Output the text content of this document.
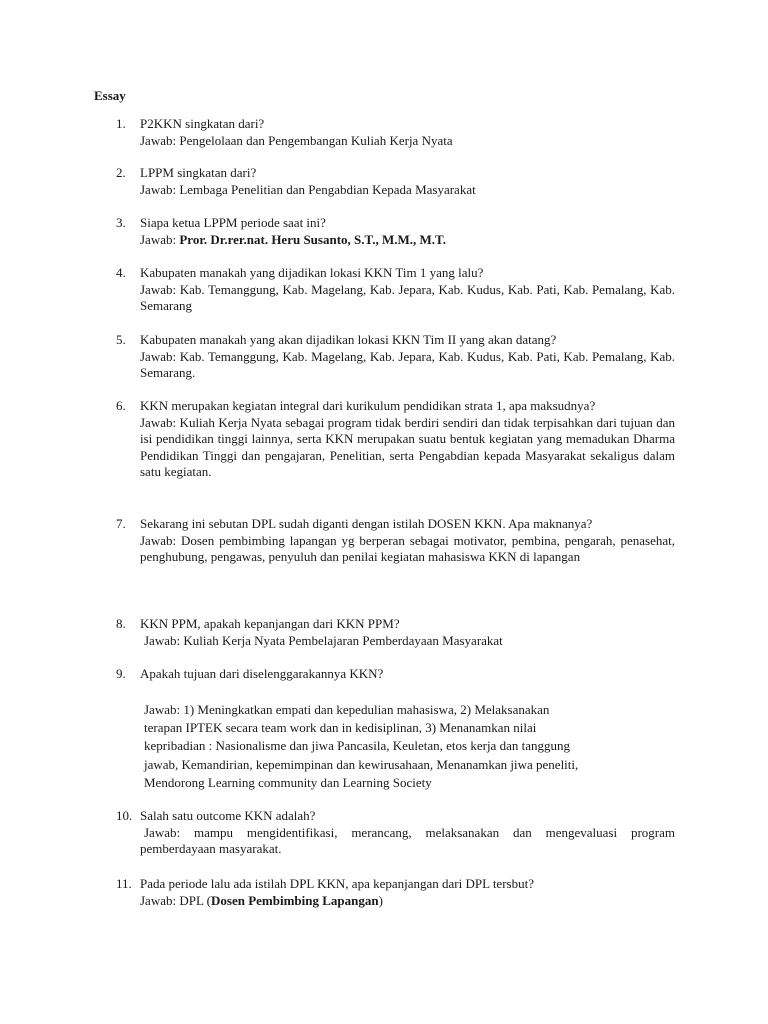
Essay
1.	P2KKN singkatan dari?
Jawab: Pengelolaan dan Pengembangan Kuliah Kerja Nyata
2.	LPPM singkatan dari?
Jawab: Lembaga Penelitian dan Pengabdian Kepada Masyarakat
3.	Siapa ketua LPPM periode saat ini?
Jawab: Pror. Dr.rer.nat. Heru Susanto, S.T., M.M., M.T.
4.	Kabupaten manakah yang dijadikan lokasi KKN Tim 1 yang lalu?
Jawab: Kab. Temanggung, Kab. Magelang, Kab. Jepara, Kab. Kudus, Kab. Pati, Kab. Pemalang, Kab. Semarang
5.	Kabupaten manakah yang akan dijadikan lokasi KKN Tim II yang akan datang?
Jawab: Kab. Temanggung, Kab. Magelang, Kab. Jepara, Kab. Kudus, Kab. Pati, Kab. Pemalang, Kab. Semarang.
6.	KKN merupakan kegiatan integral dari kurikulum pendidikan strata 1, apa maksudnya?
Jawab: Kuliah Kerja Nyata sebagai program tidak berdiri sendiri dan tidak terpisahkan dari tujuan dan isi pendidikan tinggi lainnya, serta KKN merupakan suatu bentuk kegiatan yang memadukan Dharma Pendidikan Tinggi dan pengajaran, Penelitian, serta Pengabdian kepada Masyarakat sekaligus dalam satu kegiatan.
7.	Sekarang ini sebutan DPL sudah diganti dengan istilah DOSEN KKN. Apa maknanya?
Jawab: Dosen pembimbing lapangan yg berperan sebagai motivator, pembina, pengarah, penasehat, penghubung, pengawas, penyuluh dan penilai kegiatan mahasiswa KKN di lapangan
8.	KKN PPM, apakah kepanjangan dari KKN PPM?
Jawab: Kuliah Kerja Nyata Pembelajaran Pemberdayaan Masyarakat
9.	Apakah tujuan dari diselenggarakannya KKN?
Jawab: 1) Meningkatkan empati dan kepedulian mahasiswa, 2) Melaksanakan
terapan IPTEK secara team work dan in kedisiplinan, 3) Menanamkan nilai
kepribadian : Nasionalisme dan jiwa Pancasila, Keuletan, etos kerja dan tanggung
jawab, Kemandirian, kepemimpinan dan kewirusahaan, Menanamkan jiwa peneliti,
Mendorong Learning community dan Learning Society
10. Salah satu outcome KKN adalah?
Jawab: mampu mengidentifikasi, merancang, melaksanakan dan mengevaluasi program pemberdayaan masyarakat.
11. Pada periode lalu ada istilah DPL KKN, apa kepanjangan dari DPL tersbut?
Jawab: DPL (Dosen Pembimbing Lapangan)
